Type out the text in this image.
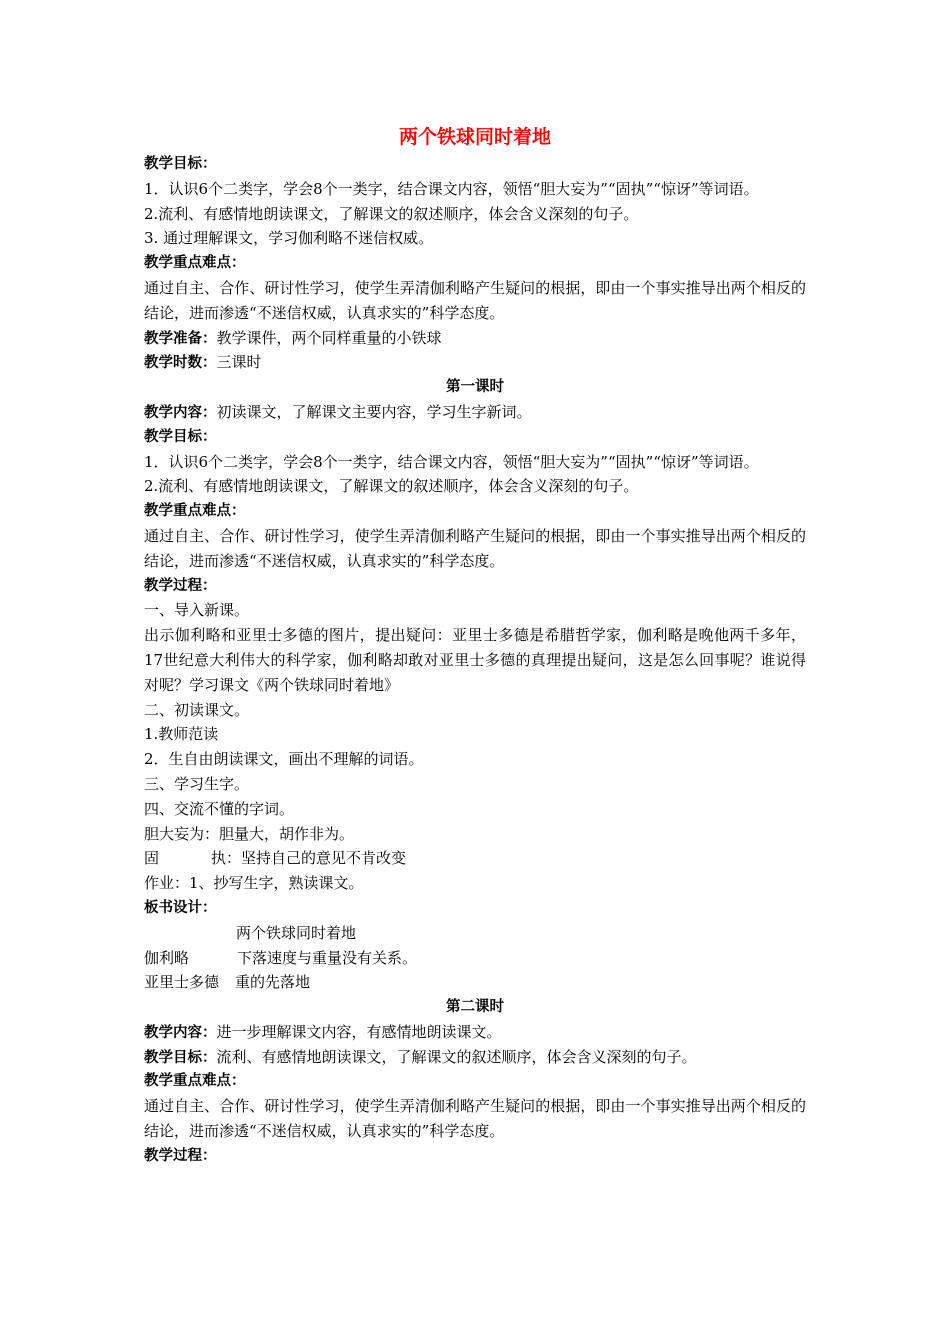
两个铁球同时着地
教学目标：
1．认识6个二类字，学会8个一类字，结合课文内容，领悟“胆大妄为”“固执”“惊讶”等词语。
2.流利、有感情地朗读课文，了解课文的叙述顺序，体会含义深刻的句子。
3. 通过理解课文，学习伽利略不迷信权威。
教学重点难点：
通过自主、合作、研讨性学习，使学生弄清伽利略产生疑问的根据，即由一个事实推导出两个相反的结论，进而渗透“不迷信权威，认真求实的”科学态度。
教学准备：教学课件，两个同样重量的小铁球
教学时数：三课时
第一课时
教学内容：初读课文，了解课文主要内容，学习生字新词。
教学目标：
1．认识6个二类字，学会8个一类字，结合课文内容，领悟“胆大妄为”“固执”“惊讶”等词语。
2.流利、有感情地朗读课文，了解课文的叙述顺序，体会含义深刻的句子。
教学重点难点：
通过自主、合作、研讨性学习，使学生弄清伽利略产生疑问的根据，即由一个事实推导出两个相反的结论，进而渗透“不迷信权威，认真求实的”科学态度。
教学过程：
一、导入新课。
出示伽利略和亚里士多德的图片，提出疑问：亚里士多德是希腊哲学家，伽利略是晚他两千多年，17世纪意大利伟大的科学家，伽利略却敢对亚里士多德的真理提出疑问，这是怎么回事呢？谁说得对呢？学习课文《两个铁球同时着地》
二、初读课文。
1.教师范读
2．生自由朗读课文，画出不理解的词语。
三、学习生字。
四、交流不懂的字词。
胆大妄为：胆量大，胡作非为。
固	执：坚持自己的意见不肯改变
作业：1、抄写生字，熟读课文。
板书设计：
两个铁球同时着地
伽利略	下落速度与重量没有关系。
亚里士多德 重的先落地
第二课时
教学内容：进一步理解课文内容，有感情地朗读课文。
教学目标：流利、有感情地朗读课文，了解课文的叙述顺序，体会含义深刻的句子。
教学重点难点：
通过自主、合作、研讨性学习，使学生弄清伽利略产生疑问的根据，即由一个事实推导出两个相反的结论，进而渗透“不迷信权威，认真求实的”科学态度。
教学过程：
